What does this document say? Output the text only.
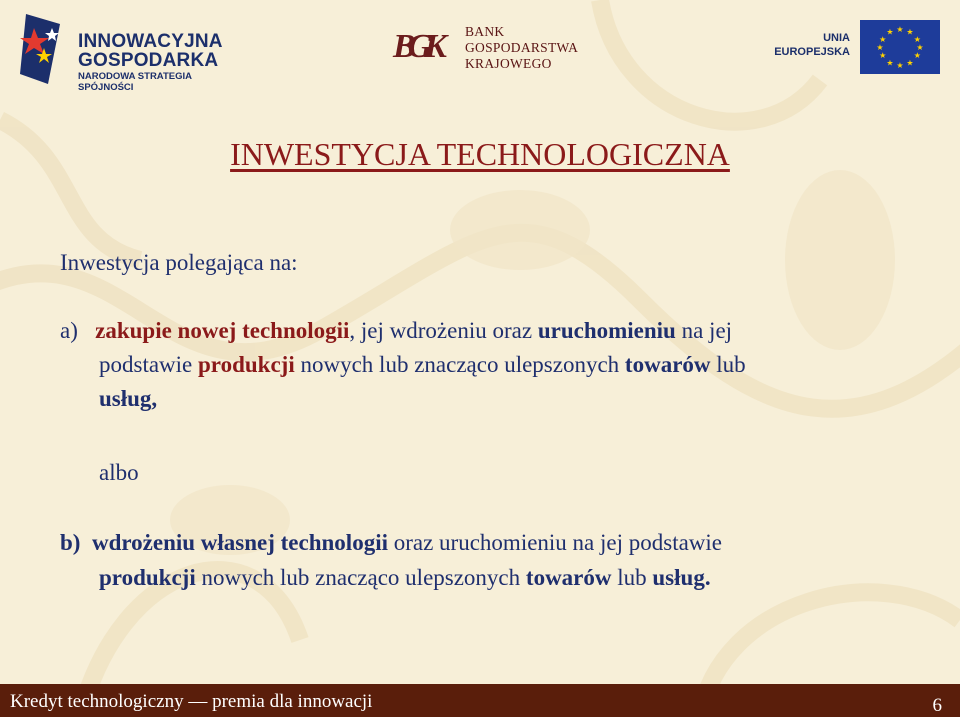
INNOWACYJNA
GOSPODARKA
NARODOWA STRATEGIA SPÓJNOŚCI
BGK	BANK
GOSPODARSTWA
KRAJOWEGO
UNIA
EUROPEJSKA
★ ★
★
★
★
★
★
★
★
★
★
★
INWESTYCJA TECHNOLOGICZNA
Inwestycja polegająca na:
a) zakupie nowej technologii, jej wdrożeniu oraz uruchomieniu na jej
podstawie produkcji nowych lub znacząco ulepszonych towarów lub
usług,
albo
b) wdrożeniu własnej technologii oraz uruchomieniu na jej podstawie
produkcji nowych lub znacząco ulepszonych towarów lub usług.
Kredyt technologiczny — premia dla innowacji	6
